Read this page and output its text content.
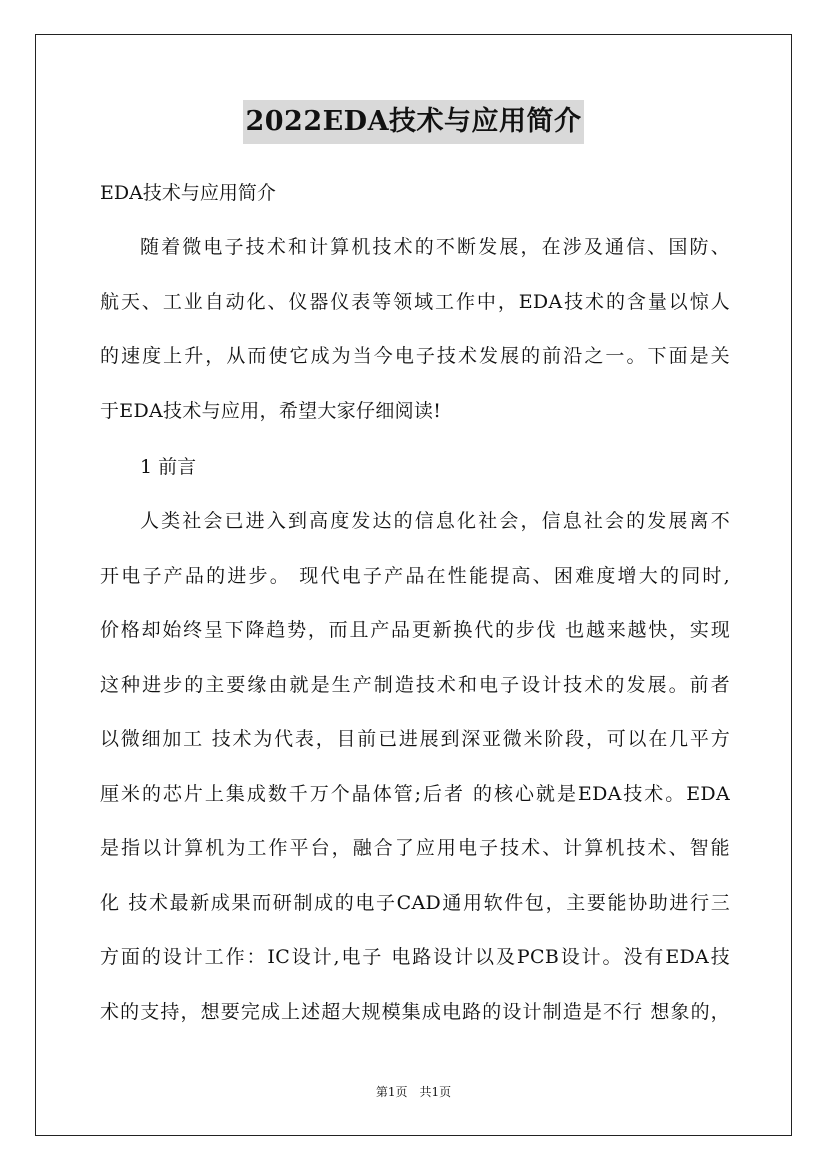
2022EDA技术与应用简介
EDA技术与应用简介
随着微电子技术和计算机技术的不断发展，在涉及通信、国防、
航天、工业自动化、仪器仪表等领域工作中，EDA技术的含量以惊人
的速度上升，从而使它成为当今电子技术发展的前沿之一。下面是关
于EDA技术与应用，希望大家仔细阅读!
1 前言
人类社会已进入到高度发达的信息化社会，信息社会的发展离不
开电子产品的进步。 现代电子产品在性能提高、困难度增大的同时,
价格却始终呈下降趋势，而且产品更新换代的步伐 也越来越快，实现
这种进步的主要缘由就是生产制造技术和电子设计技术的发展。前者
以微细加工 技术为代表，目前已进展到深亚微米阶段，可以在几平方
厘米的芯片上集成数千万个晶体管;后者 的核心就是EDA技术。EDA
是指以计算机为工作平台，融合了应用电子技术、计算机技术、智能
化 技术最新成果而研制成的电子CAD通用软件包，主要能协助进行三
方面的设计工作：IC设计,电子 电路设计以及PCB设计。没有EDA技
术的支持，想要完成上述超大规模集成电路的设计制造是不行 想象的，
第1页　共1页
